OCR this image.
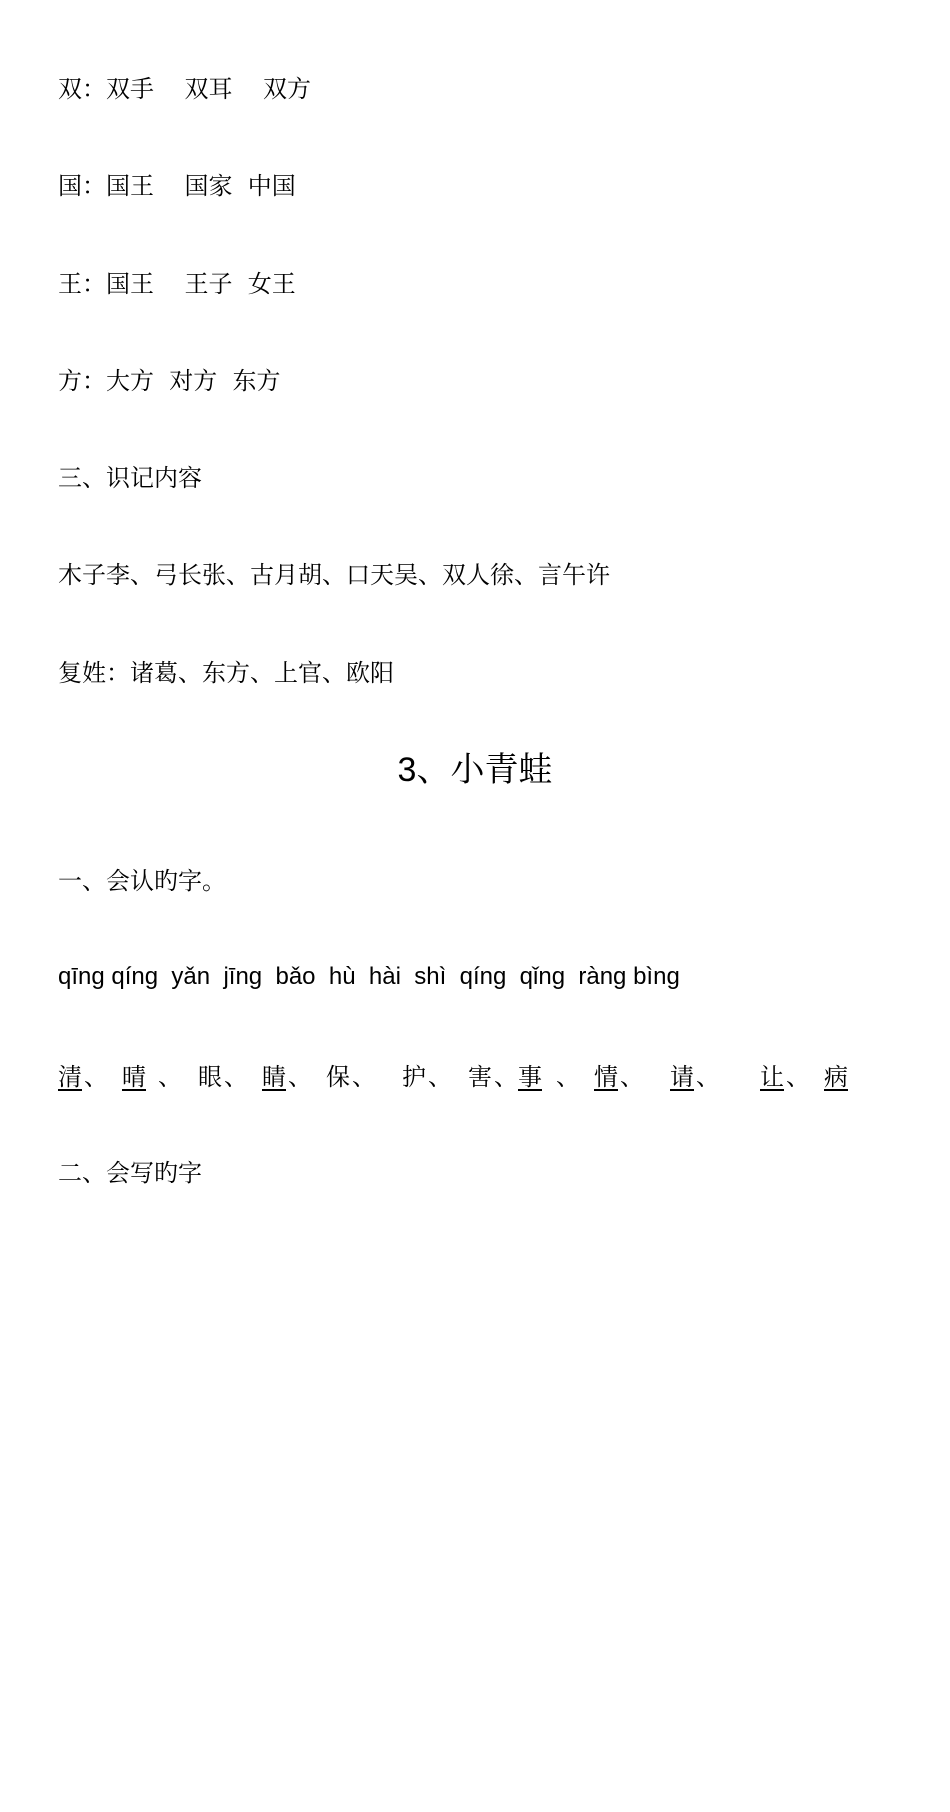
双：双手    双耳    双方
国：国王    国家  中国
王：国王    王子  女王
方：大方  对方  东方
三、识记内容
木子李、弓长张、古月胡、口天吴、双人徐、言午许
复姓：诸葛、东方、上官、欧阳
3、小青蛙
一、会认旳字。
qīng qíng  yǎn  jīng  bǎo  hù  hài  shì  qíng  qǐng  ràng bìng

清

、

晴

、

眼

、

睛

、

保

、

护

、

害

、

事

、

情

、

请

、

让

、

病

二、会写旳字
